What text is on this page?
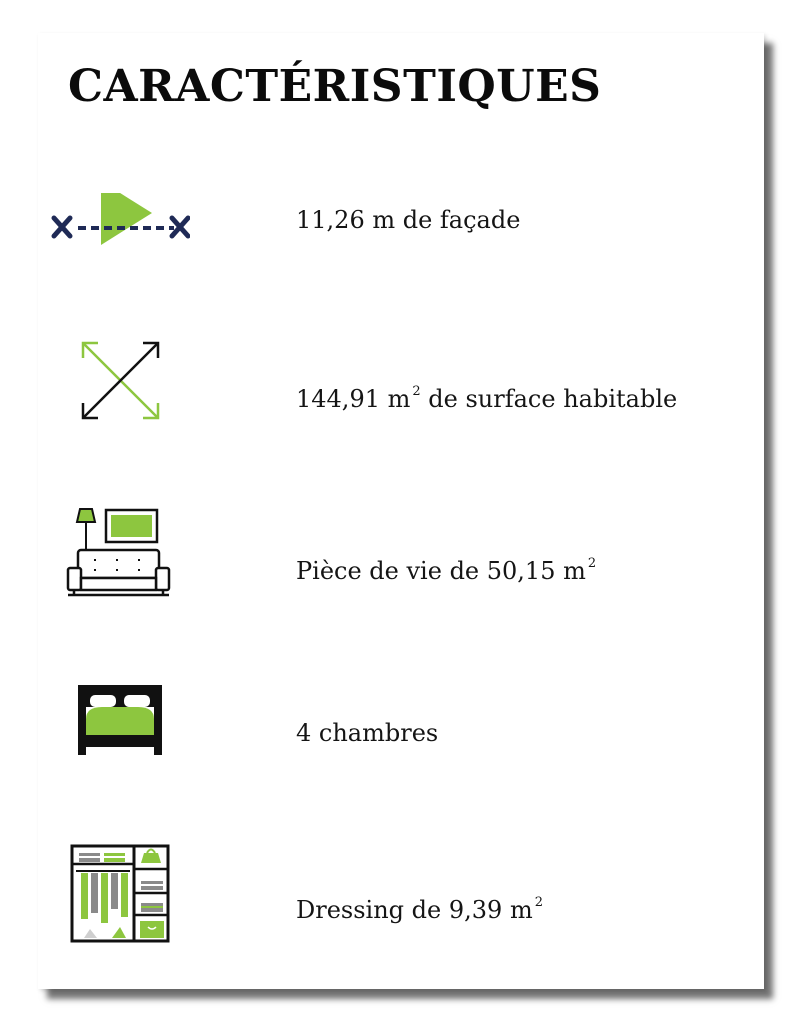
CARACTÉRISTIQUES
11,26 m de façade
144,91 m $^2$ de surface habitable
Pièce de vie de 50,15 m $^2$
4 chambres
Dressing de 9,39 m $^2$
